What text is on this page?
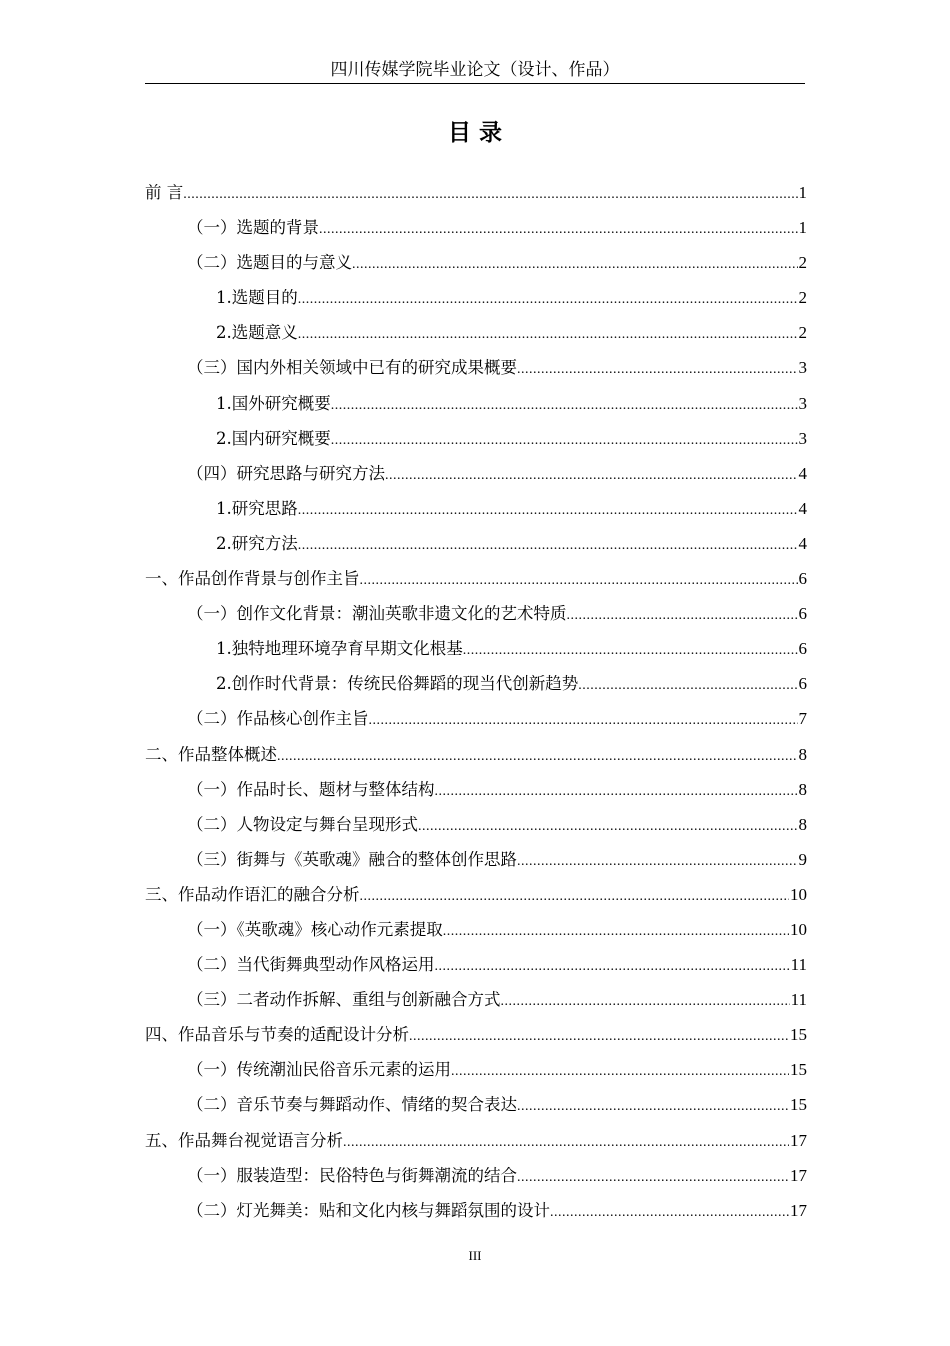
四川传媒学院毕业论文（设计、作品）
目 录
前 言 .....	1
（一）选题的背景 .....	1
（二）选题目的与意义 .....	2
1.选题目的 .....	2
2.选题意义 .....	2
（三）国内外相关领域中已有的研究成果概要 .....	3
1.国外研究概要 .....	3
2.国内研究概要 .....	3
（四）研究思路与研究方法 .....	4
1.研究思路 .....	4
2.研究方法 .....	4
一、作品创作背景与创作主旨 .....	6
（一）创作文化背景：潮汕英歌非遗文化的艺术特质 .....	6
1.独特地理环境孕育早期文化根基 .....	6
2.创作时代背景：传统民俗舞蹈的现当代创新趋势 .....	6
（二）作品核心创作主旨 .....	7
二、作品整体概述 .....	8
（一）作品时长、题材与整体结构 .....	8
（二）人物设定与舞台呈现形式 .....	8
（三）街舞与《英歌魂》融合的整体创作思路 .....	9
三、作品动作语汇的融合分析 .....	10
（一）《英歌魂》核心动作元素提取 .....	10
（二）当代街舞典型动作风格运用 .....	11
（三）二者动作拆解、重组与创新融合方式 .....	11
四、作品音乐与节奏的适配设计分析 .....	15
（一）传统潮汕民俗音乐元素的运用 .....	15
（二）音乐节奏与舞蹈动作、情绪的契合表达 .....	15
五、作品舞台视觉语言分析 .....	17
（一）服装造型：民俗特色与街舞潮流的结合 .....	17
（二）灯光舞美：贴和文化内核与舞蹈氛围的设计 .....	17
III
